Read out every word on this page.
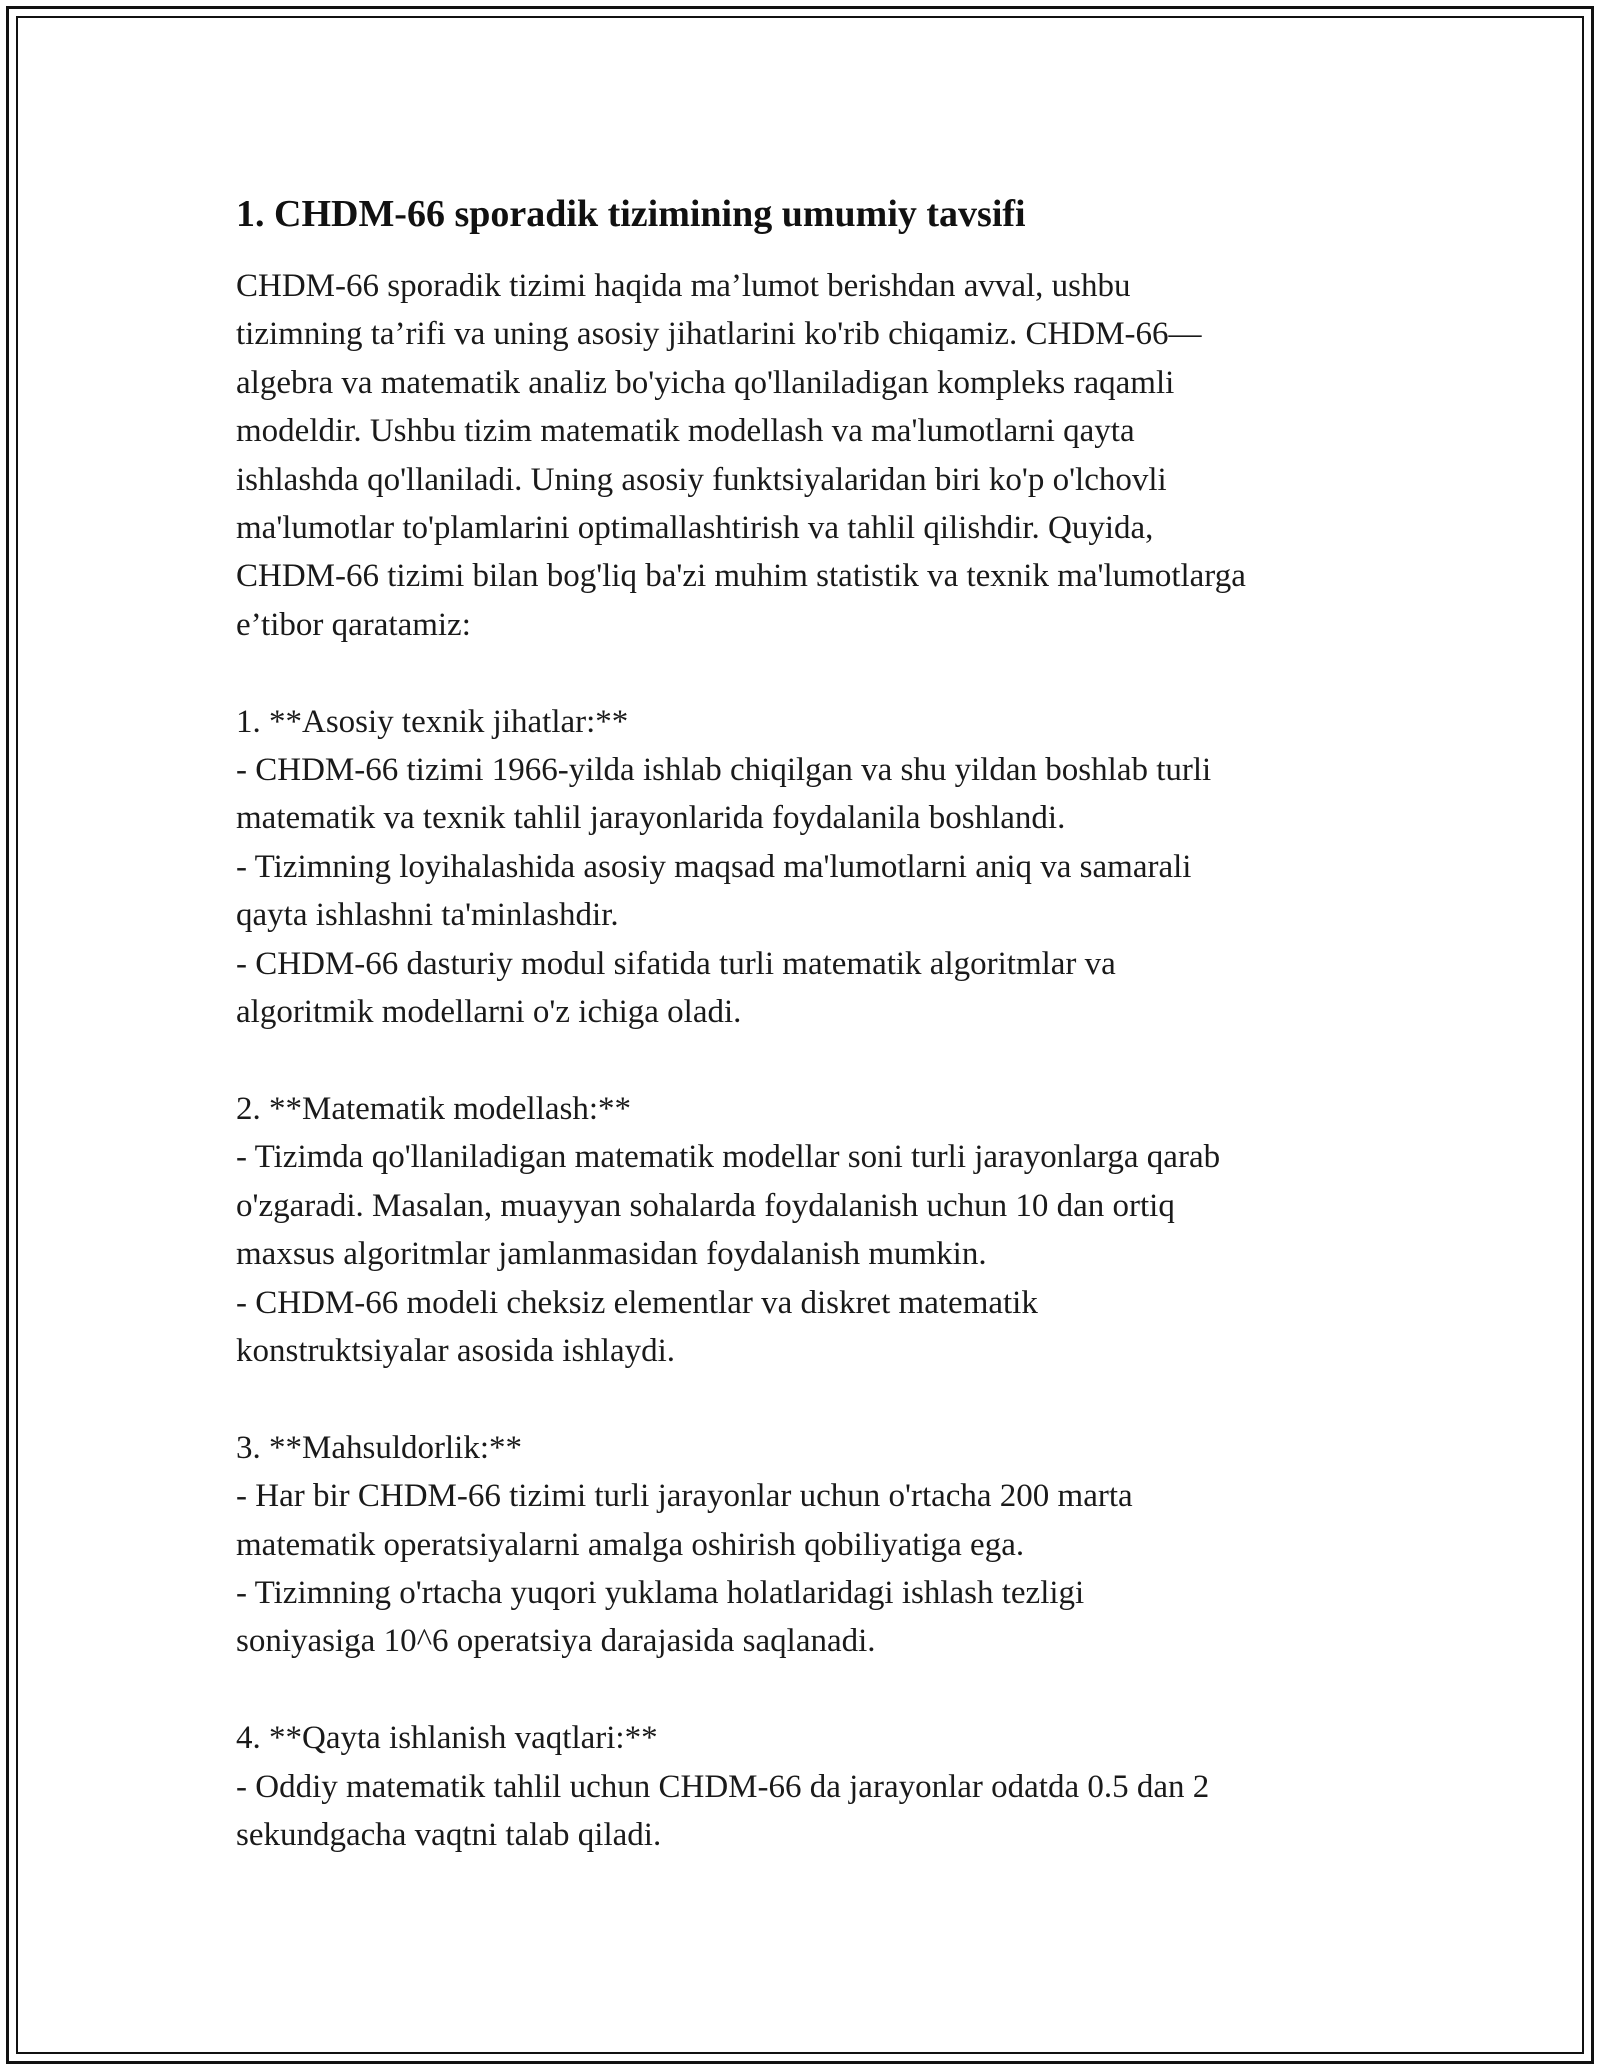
1. CHDM-66 sporadik tizimining umumiy tavsifi

CHDM-66 sporadik tizimi haqida ma’lumot berishdan avval, ushbu
tizimning ta’rifi va uning asosiy jihatlarini ko'rib chiqamiz. CHDM-66—
algebra va matematik analiz bo'yicha qo'llaniladigan kompleks raqamli
modeldir. Ushbu tizim matematik modellash va ma'lumotlarni qayta
ishlashda qo'llaniladi. Uning asosiy funktsiyalaridan biri ko'p o'lchovli
ma'lumotlar to'plamlarini optimallashtirish va tahlil qilishdir. Quyida,
CHDM-66 tizimi bilan bog'liq ba'zi muhim statistik va texnik ma'lumotlarga
e’tibor qaratamiz:

1. **Asosiy texnik jihatlar:**

- CHDM-66 tizimi 1966-yilda ishlab chiqilgan va shu yildan boshlab turli
matematik va texnik tahlil jarayonlarida foydalanila boshlandi.
- Tizimning loyihalashida asosiy maqsad ma'lumotlarni aniq va samarali
qayta ishlashni ta'minlashdir.
- CHDM-66 dasturiy modul sifatida turli matematik algoritmlar va
algoritmik modellarni o'z ichiga oladi.

2. **Matematik modellash:**

- Tizimda qo'llaniladigan matematik modellar soni turli jarayonlarga qarab
o'zgaradi. Masalan, muayyan sohalarda foydalanish uchun 10 dan ortiq
maxsus algoritmlar jamlanmasidan foydalanish mumkin.
- CHDM-66 modeli cheksiz elementlar va diskret matematik
konstruktsiyalar asosida ishlaydi.

3. **Mahsuldorlik:**

- Har bir CHDM-66 tizimi turli jarayonlar uchun o'rtacha 200 marta
matematik operatsiyalarni amalga oshirish qobiliyatiga ega.
- Tizimning o'rtacha yuqori yuklama holatlaridagi ishlash tezligi
soniyasiga 10^6 operatsiya darajasida saqlanadi.

4. **Qayta ishlanish vaqtlari:**

- Oddiy matematik tahlil uchun CHDM-66 da jarayonlar odatda 0.5 dan 2
sekundgacha vaqtni talab qiladi.
